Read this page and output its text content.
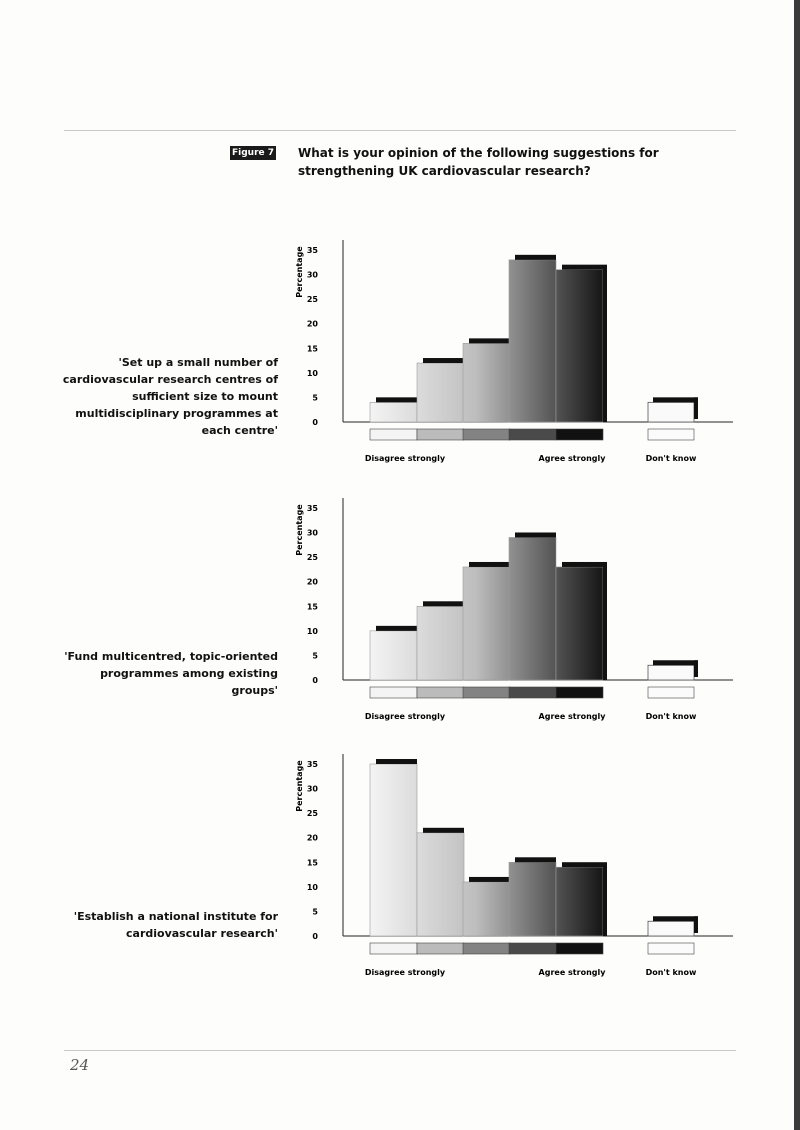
Figure 7 What is your opinion of the following suggestions for strengthening UK cardiovascular research?
'Set up a small number of cardiovascular research centres of sufficient size to mount multidisciplinary programmes at each centre'
'Fund multicentred, topic-oriented programmes among existing groups'
'Establish a national institute for cardiovascular research'
Percentage
0
5
10
15
20
25
30
35
Disagree strongly	Agree strongly	Don't know
Percentage
0
5
10
15
20
25
30
35
Disagree strongly	Agree strongly	Don't know
Percentage
0
5
10
15
20
25
30
35
Disagree strongly	Agree strongly	Don't know
24
